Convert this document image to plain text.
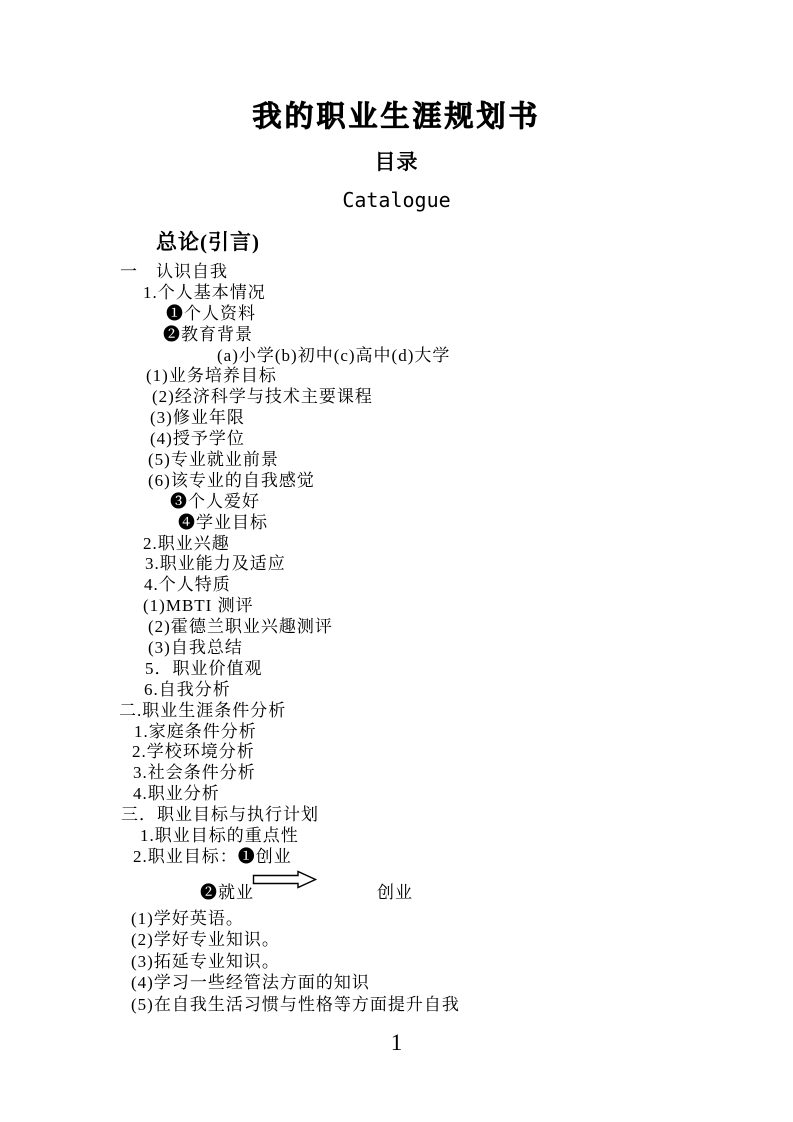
我的职业生涯规划书
目录
Catalogue
总论(引言)
一　认识自我
1.个人基本情况
❶个人资料
❷教育背景
(a)小学(b)初中(c)高中(d)大学
(1)业务培养目标
(2)经济科学与技术主要课程
(3)修业年限
(4)授予学位
(5)专业就业前景
(6)该专业的自我感觉
❸个人爱好
❹学业目标
2.职业兴趣
3.职业能力及适应
4.个人特质
(1)MBTI 测评
(2)霍德兰职业兴趣测评
(3)自我总结
5．职业价值观
6.自我分析
二.职业生涯条件分析
1.家庭条件分析
2.学校环境分析
3.社会条件分析
4.职业分析
三．职业目标与执行计划
1.职业目标的重点性
2.职业目标：❶创业
❷就业	创业
(1)学好英语。
(2)学好专业知识。
(3)拓延专业知识。
(4)学习一些经管法方面的知识
(5)在自我生活习惯与性格等方面提升自我
1
